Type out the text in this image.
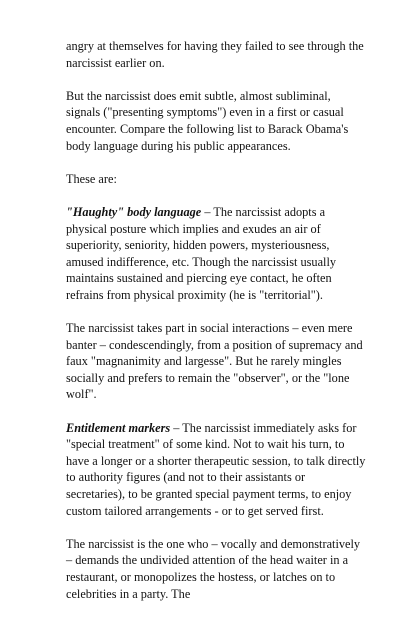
angry at themselves for having they failed to see through the narcissist earlier on.

But the narcissist does emit subtle, almost subliminal, signals ("presenting symptoms") even in a first or casual encounter. Compare the following list to Barack Obama's body language during his public appearances.

These are:

"Haughty" body language – The narcissist adopts a physical posture which implies and exudes an air of superiority, seniority, hidden powers, mysteriousness, amused indifference, etc. Though the narcissist usually maintains sustained and piercing eye contact, he often refrains from physical proximity (he is "territorial").

The narcissist takes part in social interactions – even mere banter – condescendingly, from a position of supremacy and faux "magnanimity and largesse". But he rarely mingles socially and prefers to remain the "observer", or the "lone wolf".

Entitlement markers – The narcissist immediately asks for "special treatment" of some kind. Not to wait his turn, to have a longer or a shorter therapeutic session, to talk directly to authority figures (and not to their assistants or secretaries), to be granted special payment terms, to enjoy custom tailored arrangements - or to get served first.

The narcissist is the one who – vocally and demonstratively – demands the undivided attention of the head waiter in a restaurant, or monopolizes the hostess, or latches on to celebrities in a party. The
